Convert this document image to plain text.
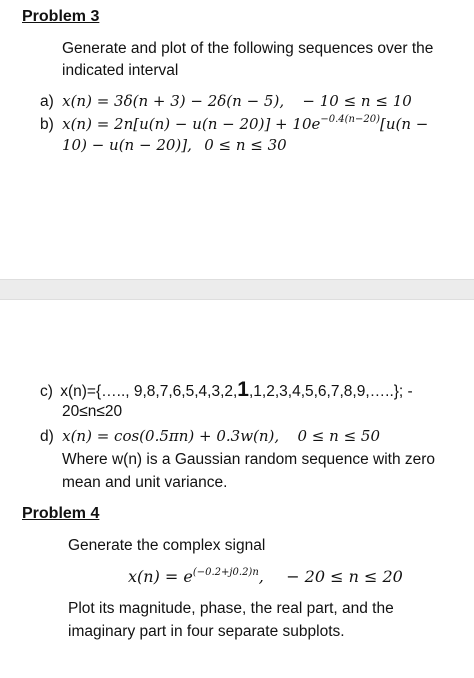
Problem 3
Generate and plot of the following sequences over the
indicated interval
a) x(n) = 3δ(n + 3) − 2δ(n − 5), − 10 ≤ n ≤ 10
b) $x(n) = 2n[u(n) - u(n - 20)] + 10e^{-0.4(n-20)}[u(n$ −
10) − u(n − 20)], 0 ≤ n ≤ 30
c) x(n)={….., 9,8,7,6,5,4,3,2,1,1,2,3,4,5,6,7,8,9,…..}; -
20≤n≤20
d) x(n) = cos(0.5πn) + 0.3w(n), 0 ≤ n ≤ 50
Where w(n) is a Gaussian random sequence with zero
mean and unit variance.
Problem 4
Generate the complex signal
$x(n) = e^{(-0.2+j0.2)n}$, − 20 ≤ n ≤ 20
Plot its magnitude, phase, the real part, and the
imaginary part in four separate subplots.
